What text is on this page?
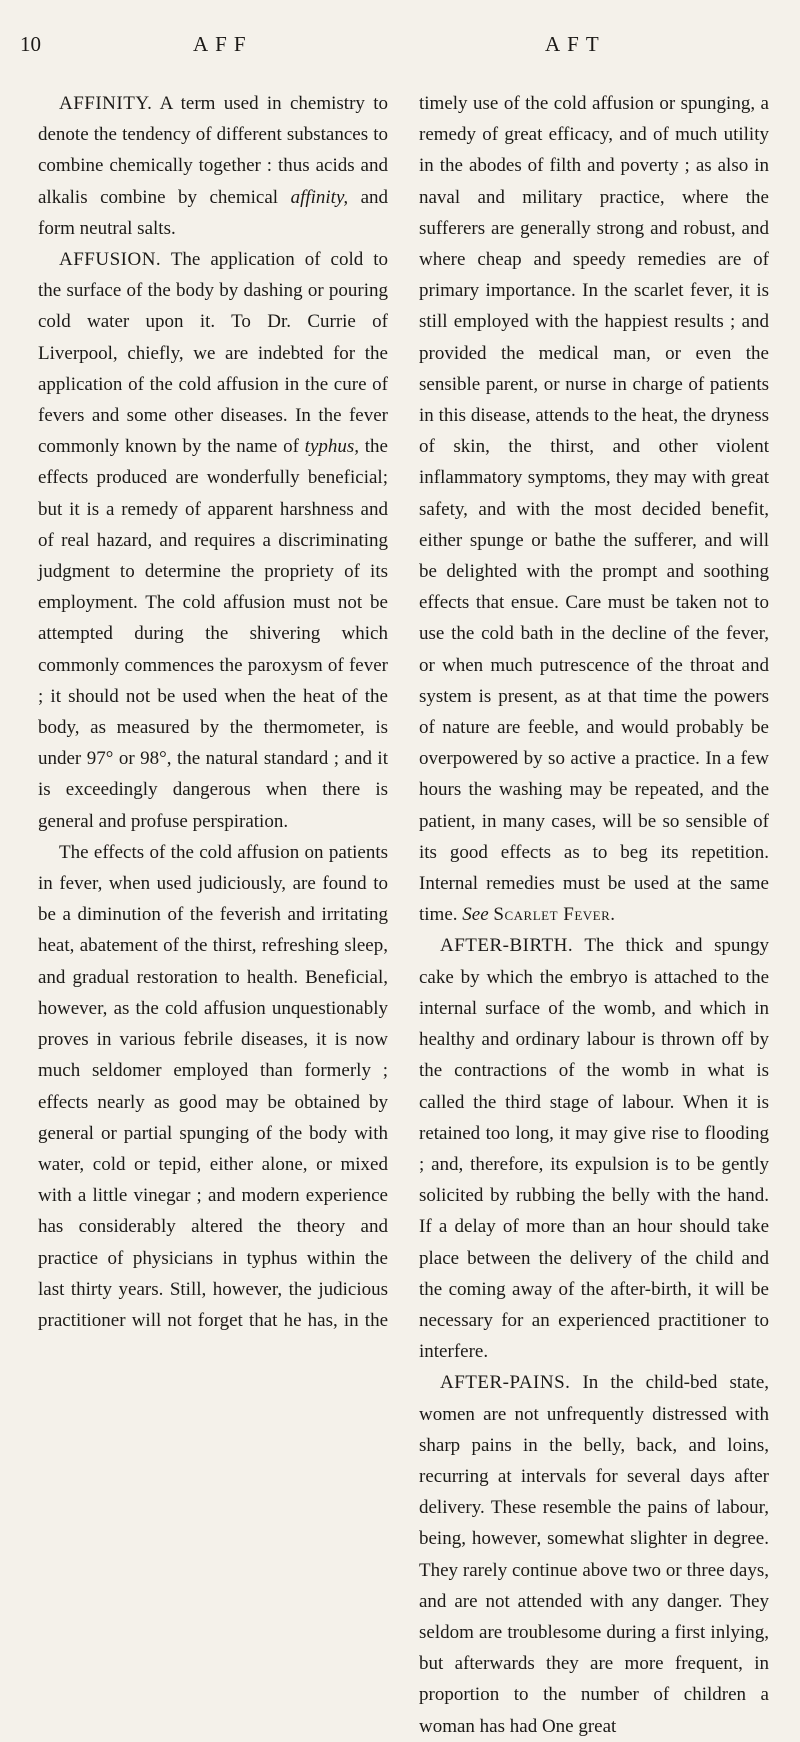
10	AFF	AFT

AFFINITY. A term used in chemistry to denote the tendency of different substances to combine chemically together : thus acids and alkalis combine by chemical affinity, and form neutral salts.

AFFUSION. The application of cold to the surface of the body by dashing or pouring cold water upon it. To Dr. Currie of Liverpool, chiefly, we are indebted for the application of the cold affusion in the cure of fevers and some other diseases. In the fever commonly known by the name of typhus, the effects produced are wonderfully beneficial; but it is a remedy of apparent harshness and of real hazard, and requires a discriminating judgment to determine the propriety of its employment. The cold affusion must not be attempted during the shivering which commonly commences the paroxysm of fever ; it should not be used when the heat of the body, as measured by the thermometer, is under 97° or 98°, the natural standard ; and it is exceedingly dangerous when there is general and profuse perspiration.

The effects of the cold affusion on patients in fever, when used judiciously, are found to be a diminution of the feverish and irritating heat, abatement of the thirst, refreshing sleep, and gradual restoration to health. Beneficial, however, as the cold affusion unquestionably proves in various febrile diseases, it is now much seldomer employed than formerly ; effects nearly as good may be obtained by general or partial spunging of the body with water, cold or tepid, either alone, or mixed with a little vinegar ; and modern experience has considerably altered the theory and practice of physicians in typhus within the last thirty years. Still, however, the judicious practitioner will not forget that he has, in the

timely use of the cold affusion or spunging, a remedy of great efficacy, and of much utility in the abodes of filth and poverty ; as also in naval and military practice, where the sufferers are generally strong and robust, and where cheap and speedy remedies are of primary importance. In the scarlet fever, it is still employed with the happiest results ; and provided the medical man, or even the sensible parent, or nurse in charge of patients in this disease, attends to the heat, the dryness of skin, the thirst, and other violent inflammatory symptoms, they may with great safety, and with the most decided benefit, either spunge or bathe the sufferer, and will be delighted with the prompt and soothing effects that ensue. Care must be taken not to use the cold bath in the decline of the fever, or when much putrescence of the throat and system is present, as at that time the powers of nature are feeble, and would probably be overpowered by so active a practice. In a few hours the washing may be repeated, and the patient, in many cases, will be so sensible of its good effects as to beg its repetition. Internal remedies must be used at the same time. See Scarlet Fever.

AFTER-BIRTH. The thick and spungy cake by which the embryo is attached to the internal surface of the womb, and which in healthy and ordinary labour is thrown off by the contractions of the womb in what is called the third stage of labour. When it is retained too long, it may give rise to flooding ; and, therefore, its expulsion is to be gently solicited by rubbing the belly with the hand. If a delay of more than an hour should take place between the delivery of the child and the coming away of the after-birth, it will be necessary for an experienced practitioner to interfere.

AFTER-PAINS. In the child-bed state, women are not unfrequently distressed with sharp pains in the belly, back, and loins, recurring at intervals for several days after delivery. These resemble the pains of labour, being, however, somewhat slighter in degree. They rarely continue above two or three days, and are not attended with any danger. They seldom are troublesome during a first inlying, but afterwards they are more frequent, in proportion to the number of children a woman has had One great
